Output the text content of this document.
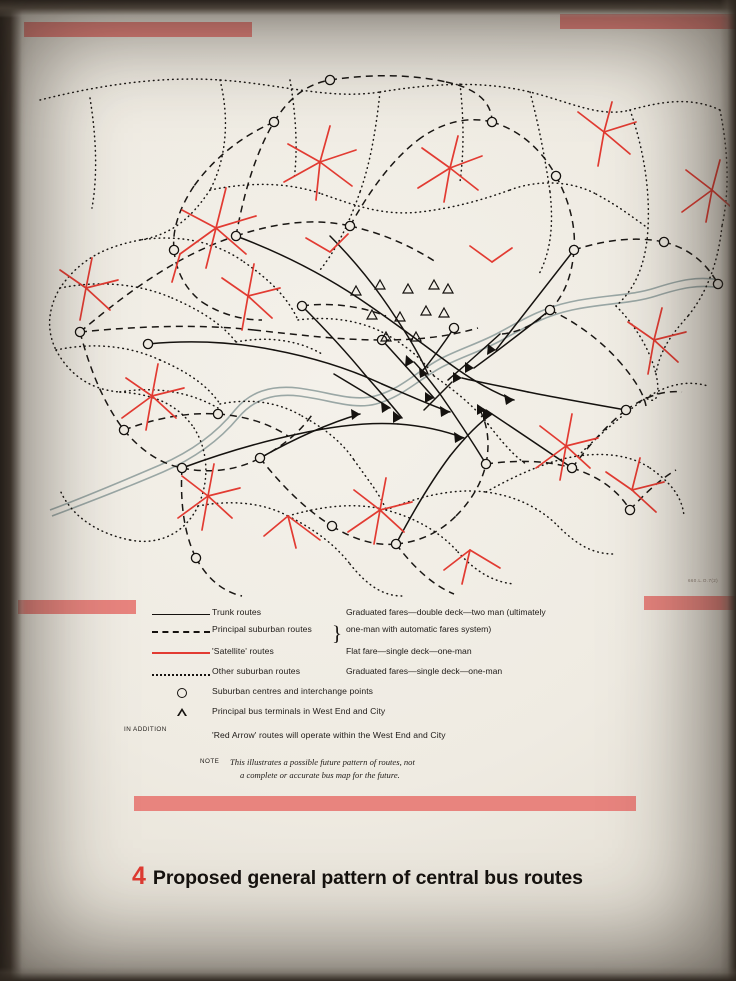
660.L.O.7(2)
Trunk routes	Graduated fares—double deck—two man (ultimately
Principal suburban routes	one-man with automatic fares system)
}
'Satellite' routes	Flat fare—single deck—one-man
Other suburban routes	Graduated fares—single deck—one-man
Suburban centres and interchange points
Principal bus terminals in West End and City
IN ADDITION
'Red Arrow' routes will operate within the West End and City
NOTE This illustrates a possible future pattern of routes, not
a complete or accurate bus map for the future.
4 Proposed general pattern of central bus routes
